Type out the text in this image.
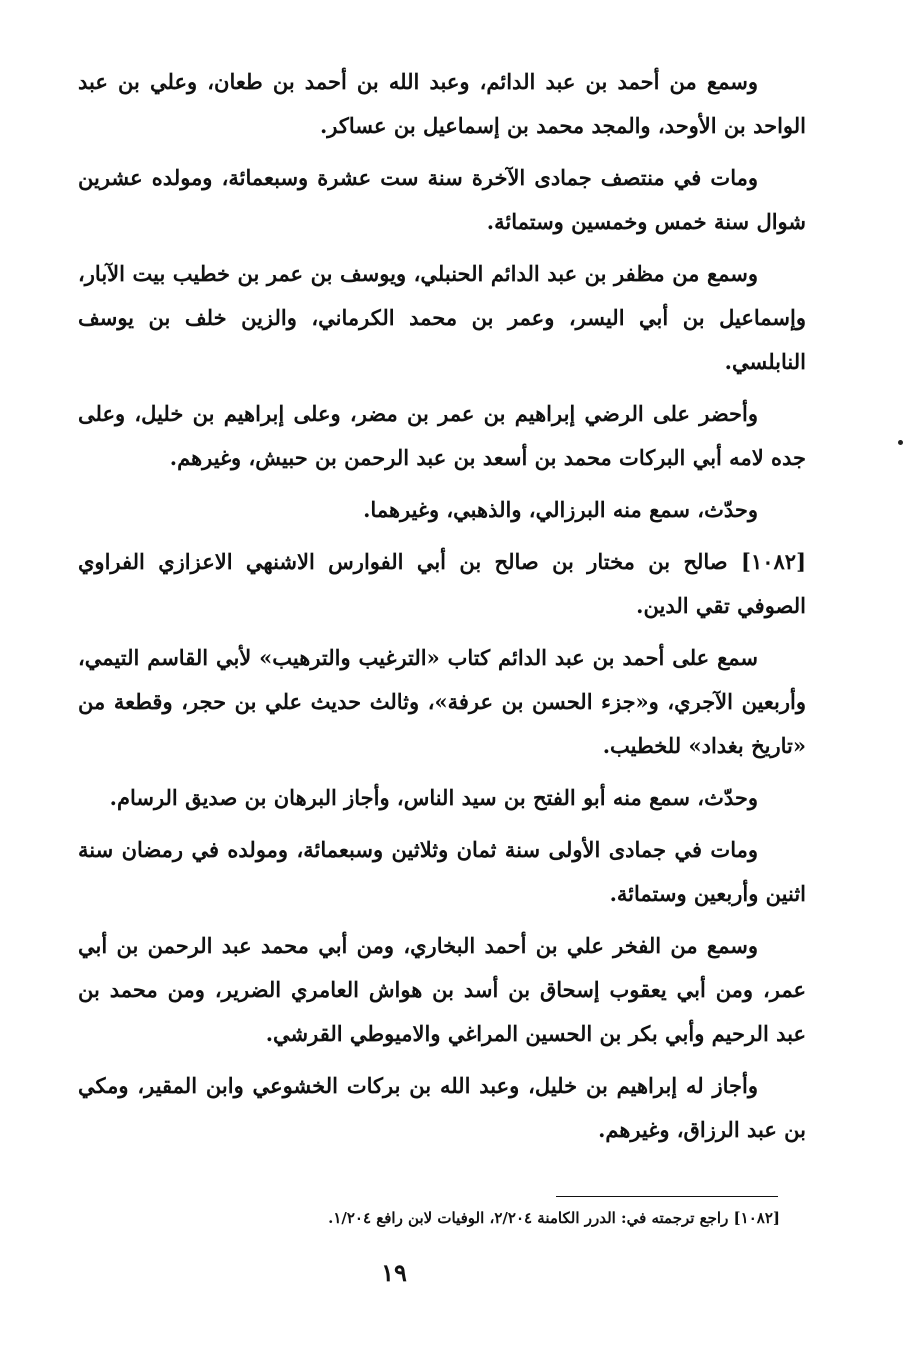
وسمع من أحمد بن عبد الدائم، وعبد الله بن أحمد بن طعان، وعلي بن عبد الواحد بن الأوحد، والمجد محمد بن إسماعيل بن عساكر.

ومات في منتصف جمادى الآخرة سنة ست عشرة وسبعمائة، ومولده عشرين شوال سنة خمس وخمسين وستمائة.

وسمع من مظفر بن عبد الدائم الحنبلي، ويوسف بن عمر بن خطيب بيت الآبار، وإسماعيل بن أبي اليسر، وعمر بن محمد الكرماني، والزين خلف بن يوسف النابلسي.

وأحضر على الرضي إبراهيم بن عمر بن مضر، وعلى إبراهيم بن خليل، وعلى جده لامه أبي البركات محمد بن أسعد بن عبد الرحمن بن حبيش، وغيرهم.

وحدّث، سمع منه البرزالي، والذهبي، وغيرهما.

[١٠٨٢] صالح بن مختار بن صالح بن أبي الفوارس الاشنهي الاعزازي الفراوي الصوفي تقي الدين.

سمع على أحمد بن عبد الدائم كتاب «الترغيب والترهيب» لأبي القاسم التيمي، وأربعين الآجري، و«جزء الحسن بن عرفة»، وثالث حديث علي بن حجر، وقطعة من «تاريخ بغداد» للخطيب.

وحدّث، سمع منه أبو الفتح بن سيد الناس، وأجاز البرهان بن صديق الرسام.

ومات في جمادى الأولى سنة ثمان وثلاثين وسبعمائة، ومولده في رمضان سنة اثنين وأربعين وستمائة.

وسمع من الفخر علي بن أحمد البخاري، ومن أبي محمد عبد الرحمن بن أبي عمر، ومن أبي يعقوب إسحاق بن أسد بن هواش العامري الضرير، ومن محمد بن عبد الرحيم وأبي بكر بن الحسين المراغي والاميوطي القرشي.

وأجاز له إبراهيم بن خليل، وعبد الله بن بركات الخشوعي وابن المقير، ومكي بن عبد الرزاق، وغيرهم.

[١٠٨٢] راجع ترجمته في: الدرر الكامنة ٢/٢٠٤، الوفيات لابن رافع ١/٢٠٤.

١٩
